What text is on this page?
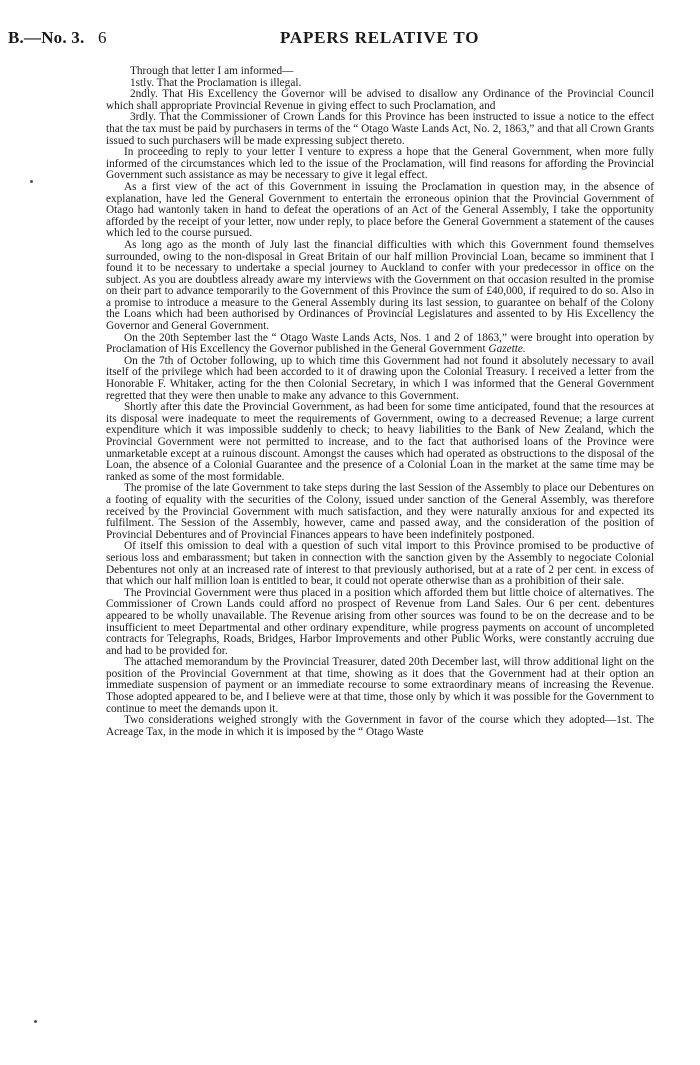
B.—No. 3. 6	PAPERS RELATIVE TO

Through that letter I am informed—

1stly. That the Proclamation is illegal.

2ndly. That His Excellency the Governor will be advised to disallow any Ordinance of the Provincial Council which shall appropriate Provincial Revenue in giving effect to such Proclamation, and

3rdly. That the Commissioner of Crown Lands for this Province has been instructed to issue a notice to the effect that the tax must be paid by purchasers in terms of the “ Otago Waste Lands Act, No. 2, 1863,” and that all Crown Grants issued to such purchasers will be made expressing subject thereto.

In proceeding to reply to your letter I venture to express a hope that the General Government, when more fully informed of the circumstances which led to the issue of the Proclamation, will find reasons for affording the Provincial Government such assistance as may be necessary to give it legal effect.

As a first view of the act of this Government in issuing the Proclamation in question may, in the absence of explanation, have led the General Government to entertain the erroneous opinion that the Provincial Government of Otago had wantonly taken in hand to defeat the operations of an Act of the General Assembly, I take the opportunity afforded by the receipt of your letter, now under reply, to place before the General Government a statement of the causes which led to the course pursued.

As long ago as the month of July last the financial difficulties with which this Government found themselves surrounded, owing to the non-disposal in Great Britain of our half million Provincial Loan, became so imminent that I found it to be necessary to undertake a special journey to Auckland to confer with your predecessor in office on the subject. As you are doubtless already aware my interviews with the Government on that occasion resulted in the promise on their part to advance temporarily to the Government of this Province the sum of £40,000, if required to do so. Also in a promise to introduce a measure to the General Assembly during its last session, to guarantee on behalf of the Colony the Loans which had been authorised by Ordinances of Provincial Legislatures and assented to by His Excellency the Governor and General Government.

On the 20th September last the “ Otago Waste Lands Acts, Nos. 1 and 2 of 1863,” were brought into operation by Proclamation of His Excellency the Governor published in the General Government Gazette.

On the 7th of October following, up to which time this Government had not found it absolutely necessary to avail itself of the privilege which had been accorded to it of drawing upon the Colonial Treasury. I received a letter from the Honorable F. Whitaker, acting for the then Colonial Secretary, in which I was informed that the General Government regretted that they were then unable to make any advance to this Government.

Shortly after this date the Provincial Government, as had been for some time anticipated, found that the resources at its disposal were inadequate to meet the requirements of Government, owing to a decreased Revenue; a large current expenditure which it was impossible suddenly to check; to heavy liabilities to the Bank of New Zealand, which the Provincial Government were not permitted to increase, and to the fact that authorised loans of the Province were unmarketable except at a ruinous discount. Amongst the causes which had operated as obstructions to the disposal of the Loan, the absence of a Colonial Guarantee and the presence of a Colonial Loan in the market at the same time may be ranked as some of the most formidable.

The promise of the late Government to take steps during the last Session of the Assembly to place our Debentures on a footing of equality with the securities of the Colony, issued under sanction of the General Assembly, was therefore received by the Provincial Government with much satisfaction, and they were naturally anxious for and expected its fulfilment. The Session of the Assembly, however, came and passed away, and the consideration of the position of Provincial Debentures and of Provincial Finances appears to have been indefinitely postponed.

Of itself this omission to deal with a question of such vital import to this Province promised to be productive of serious loss and embarassment; but taken in connection with the sanction given by the Assembly to negociate Colonial Debentures not only at an increased rate of interest to that previously authorised, but at a rate of 2 per cent. in excess of that which our half million loan is entitled to bear, it could not operate otherwise than as a prohibition of their sale.

The Provincial Government were thus placed in a position which afforded them but little choice of alternatives. The Commissioner of Crown Lands could afford no prospect of Revenue from Land Sales. Our 6 per cent. debentures appeared to be wholly unavailable. The Revenue arising from other sources was found to be on the decrease and to be insufficient to meet Departmental and other ordinary expenditure, while progress payments on account of uncompleted contracts for Telegraphs, Roads, Bridges, Harbor Improvements and other Public Works, were constantly accruing due and had to be provided for.

The attached memorandum by the Provincial Treasurer, dated 20th December last, will throw additional light on the position of the Provincial Government at that time, showing as it does that the Government had at their option an immediate suspension of payment or an immediate recourse to some extraordinary means of increasing the Revenue. Those adopted appeared to be, and I believe were at that time, those only by which it was possible for the Government to continue to meet the demands upon it.

Two considerations weighed strongly with the Government in favor of the course which they adopted—1st. The Acreage Tax, in the mode in which it is imposed by the “ Otago Waste
